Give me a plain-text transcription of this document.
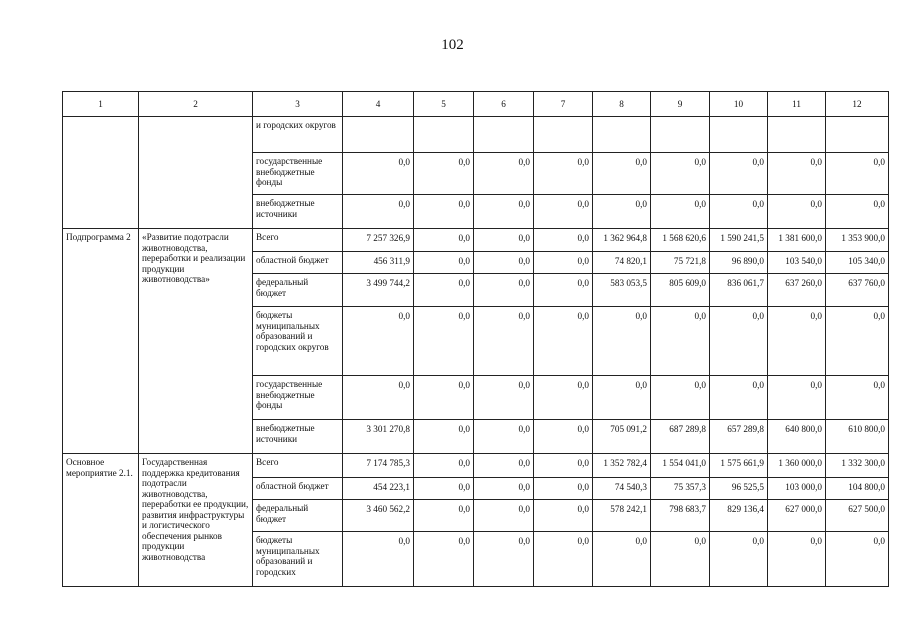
102
1	2	3	4	5	6	7	8	9	10	11	12
		и городских округов									
		государственные внебюджетные фонды	0,0	0,0	0,0	0,0	0,0	0,0	0,0	0,0	0,0
		внебюджетные источники	0,0	0,0	0,0	0,0	0,0	0,0	0,0	0,0	0,0
Подпрограмма 2	«Развитие подотрасли животноводства, переработки и реализации продукции животноводства»	Всего	7 257 326,9	0,0	0,0	0,0	1 362 964,8	1 568 620,6	1 590 241,5	1 381 600,0	1 353 900,0
		областной бюджет	456 311,9	0,0	0,0	0,0	74 820,1	75 721,8	96 890,0	103 540,0	105 340,0
		федеральный бюджет	3 499 744,2	0,0	0,0	0,0	583 053,5	805 609,0	836 061,7	637 260,0	637 760,0
		бюджеты муниципальных образований и городских округов	0,0	0,0	0,0	0,0	0,0	0,0	0,0	0,0	0,0
		государственные внебюджетные фонды	0,0	0,0	0,0	0,0	0,0	0,0	0,0	0,0	0,0
		внебюджетные источники	3 301 270,8	0,0	0,0	0,0	705 091,2	687 289,8	657 289,8	640 800,0	610 800,0
Основное мероприятие 2.1.	Государственная поддержка кредитования подотрасли животноводства, переработки ее продукции, развития инфраструктуры и логистического обеспечения рынков продукции животноводства	Всего	7 174 785,3	0,0	0,0	0,0	1 352 782,4	1 554 041,0	1 575 661,9	1 360 000,0	1 332 300,0
		областной бюджет	454 223,1	0,0	0,0	0,0	74 540,3	75 357,3	96 525,5	103 000,0	104 800,0
		федеральный бюджет	3 460 562,2	0,0	0,0	0,0	578 242,1	798 683,7	829 136,4	627 000,0	627 500,0
		бюджеты муниципальных образований и городских	0,0	0,0	0,0	0,0	0,0	0,0	0,0	0,0	0,0
